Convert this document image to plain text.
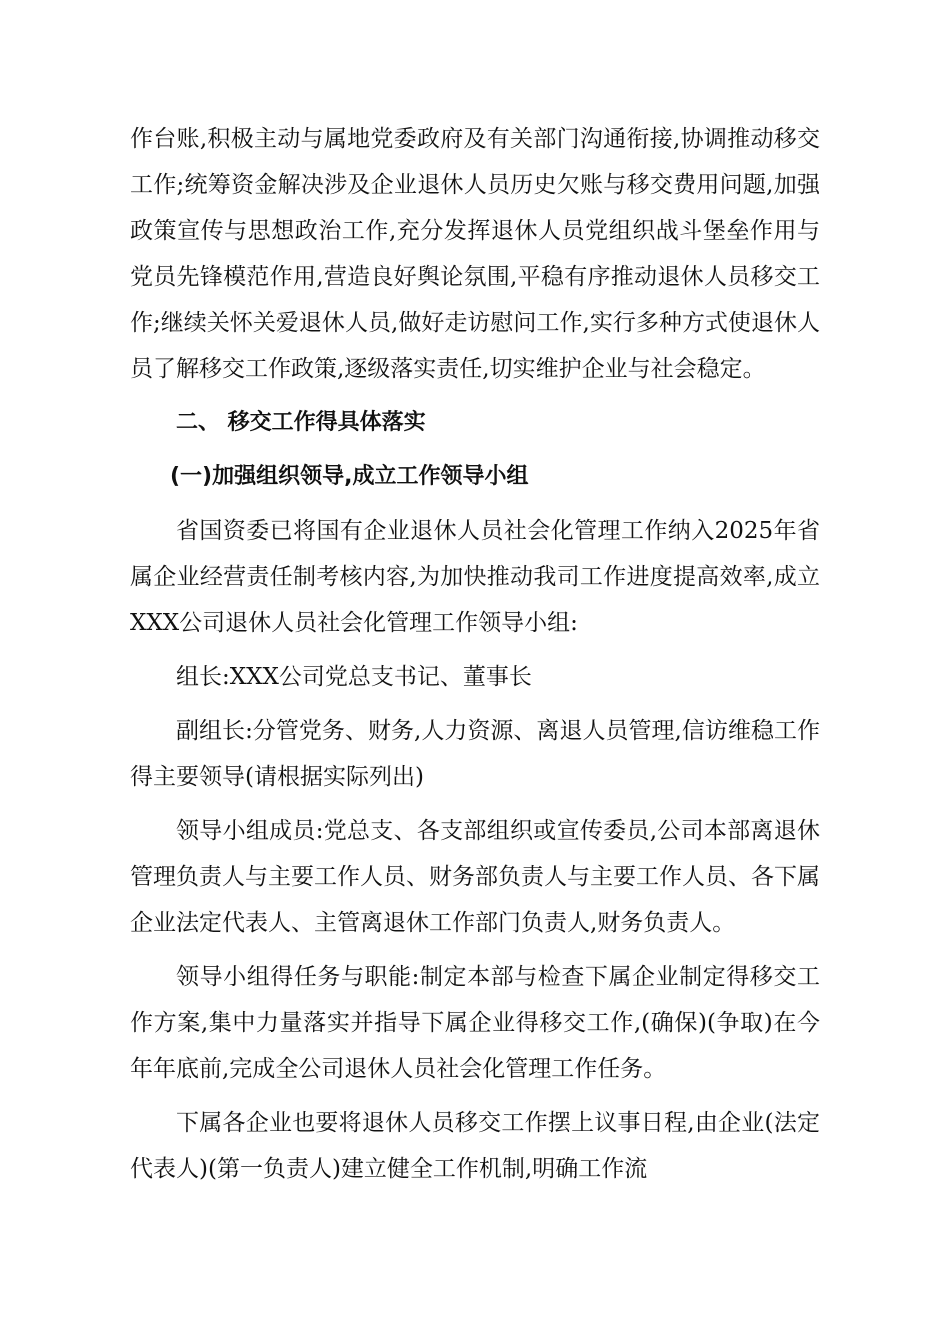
作台账,积极主动与属地党委政府及有关部门沟通衔接,协调推动移交工作;统筹资金解决涉及企业退休人员历史欠账与移交费用问题,加强政策宣传与思想政治工作,充分发挥退休人员党组织战斗堡垒作用与党员先锋模范作用,营造良好舆论氛围,平稳有序推动退休人员移交工作;继续关怀关爱退休人员,做好走访慰问工作,实行多种方式使退休人员了解移交工作政策,逐级落实责任,切实维护企业与社会稳定。

二、 移交工作得具体落实

(一)加强组织领导,成立工作领导小组

省国资委已将国有企业退休人员社会化管理工作纳入2025年省属企业经营责任制考核内容,为加快推动我司工作进度提高效率,成立XXX公司退休人员社会化管理工作领导小组:

组长:XXX公司党总支书记、董事长

副组长:分管党务、财务,人力资源、离退人员管理,信访维稳工作得主要领导(请根据实际列出)

领导小组成员:党总支、各支部组织或宣传委员,公司本部离退休管理负责人与主要工作人员、财务部负责人与主要工作人员、各下属企业法定代表人、主管离退休工作部门负责人,财务负责人。

领导小组得任务与职能:制定本部与检查下属企业制定得移交工作方案,集中力量落实并指导下属企业得移交工作,(确保)(争取)在今年年底前,完成全公司退休人员社会化管理工作任务。

下属各企业也要将退休人员移交工作摆上议事日程,由企业(法定代表人)(第一负责人)建立健全工作机制,明确工作流
